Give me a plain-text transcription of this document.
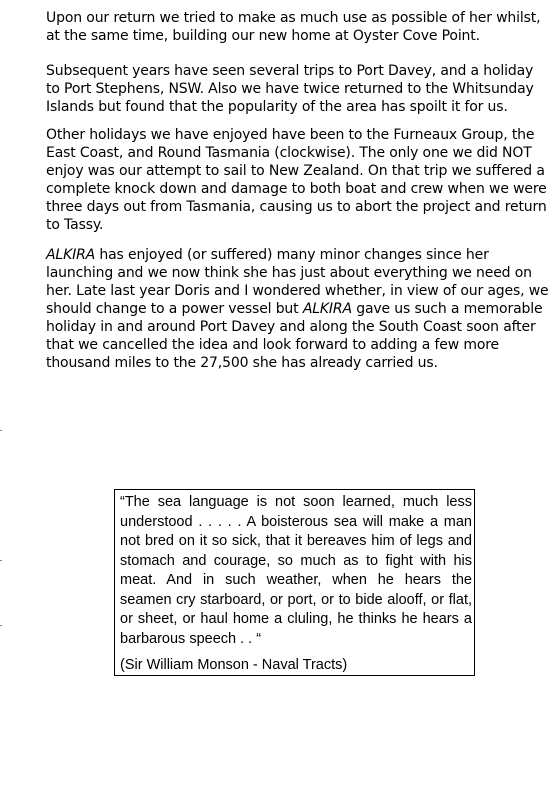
Upon our return we tried to make as much use as possible of her whilst, at the same time, building our new home at Oyster Cove Point.

Subsequent years have seen several trips to Port Davey, and a holiday to Port Stephens, NSW. Also we have twice returned to the Whitsunday Islands but found that the popularity of the area has spoilt it for us.

Other holidays we have enjoyed have been to the Furneaux Group, the East Coast, and Round Tasmania (clockwise). The only one we did NOT enjoy was our attempt to sail to New Zealand. On that trip we suffered a complete knock down and damage to both boat and crew when we were three days out from Tasmania, causing us to abort the project and return to Tassy.

ALKIRA has enjoyed (or suffered) many minor changes since her launching and we now think she has just about everything we need on her. Late last year Doris and I wondered whether, in view of our ages, we should change to a power vessel but ALKIRA gave us such a memorable holiday in and around Port Davey and along the South Coast soon after that we cancelled the idea and look forward to adding a few more thousand miles to the 27,500 she has already carried us.

“The sea language is not soon learned, much less understood . . . . . A boisterous sea will make a man not bred on it so sick, that it bereaves him of legs and stomach and courage, so much as to fight with his meat. And in such weather, when he hears the seamen cry starboard, or port, or to bide alooff, or flat, or sheet, or haul home a cluling, he thinks he hears a barbarous speech . . “

(Sir William Monson - Naval Tracts)
